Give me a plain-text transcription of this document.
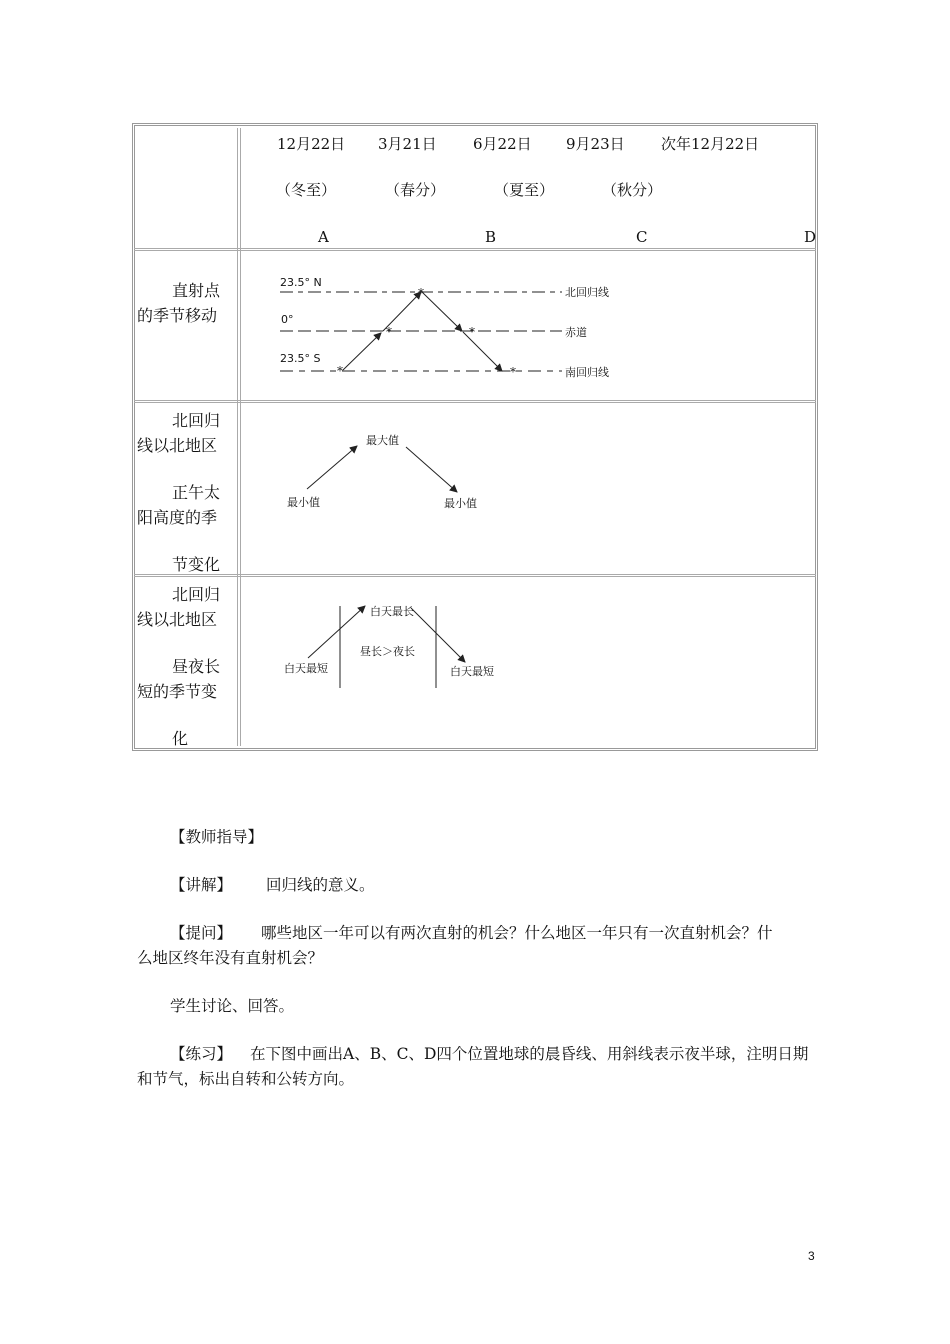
12月22日 3月21日 6月22日 9月23日 次年12月22日
（冬至）	（春分）	（夏至）	（秋分）
A	B	C	D
直射点
的季节移动
*
*
*
*
*
23.5° N
0°
23.5° S
北回归线
赤道
南回归线
北回归
线以北地区
正午太
阳高度的季
节变化
最大值
最小值	最小值
北回归
线以北地区
昼夜长
短的季节变
化
白天最长
白天最短	白天最短
昼长＞夜长
【教师指导】
【讲解】 回归线的意义。
【提问】 哪些地区一年可以有两次直射的机会？什么地区一年只有一次直射机会？什
么地区终年没有直射机会？
学生讨论、回答。
【练习】 在下图中画出A、B、C、D四个位置地球的晨昏线、用斜线表示夜半球，注明日期
和节气，标出自转和公转方向。
3
